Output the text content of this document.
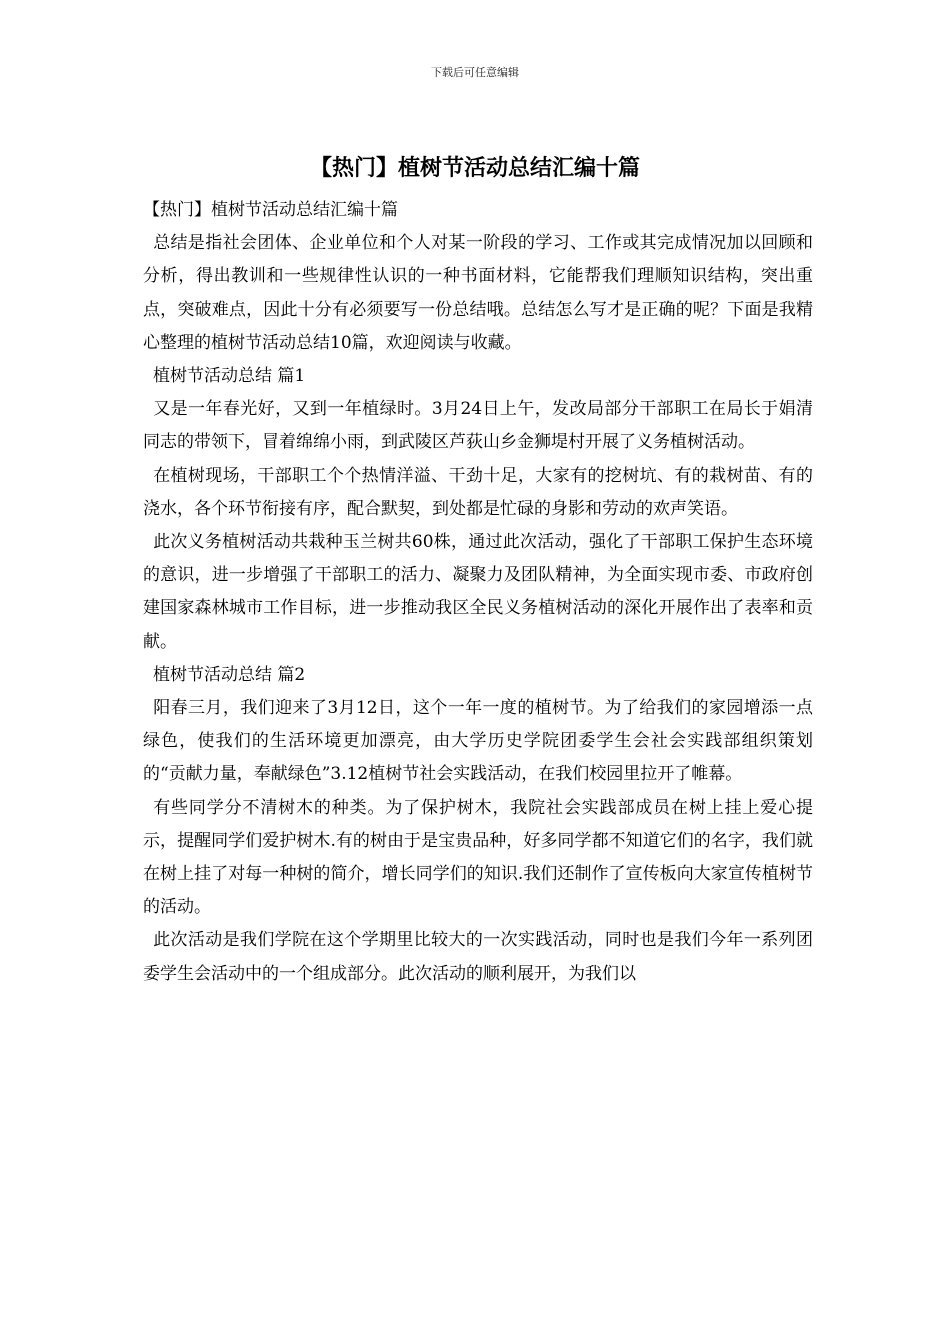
下载后可任意编辑
【热门】植树节活动总结汇编十篇

【热门】植树节活动总结汇编十篇

总结是指社会团体、企业单位和个人对某一阶段的学习、工作或其完成情况加以回顾和分析，得出教训和一些规律性认识的一种书面材料，它能帮我们理顺知识结构，突出重点，突破难点，因此十分有必须要写一份总结哦。总结怎么写才是正确的呢？下面是我精心整理的植树节活动总结10篇，欢迎阅读与收藏。

植树节活动总结 篇1

又是一年春光好，又到一年植绿时。3月24日上午，发改局部分干部职工在局长于娟清同志的带领下，冒着绵绵小雨，到武陵区芦荻山乡金狮堤村开展了义务植树活动。

在植树现场，干部职工个个热情洋溢、干劲十足，大家有的挖树坑、有的栽树苗、有的浇水，各个环节衔接有序，配合默契，到处都是忙碌的身影和劳动的欢声笑语。

此次义务植树活动共栽种玉兰树共60株，通过此次活动，强化了干部职工保护生态环境的意识，进一步增强了干部职工的活力、凝聚力及团队精神，为全面实现市委、市政府创建国家森林城市工作目标，进一步推动我区全民义务植树活动的深化开展作出了表率和贡献。

植树节活动总结 篇2

阳春三月，我们迎来了3月12日，这个一年一度的植树节。为了给我们的家园增添一点绿色，使我们的生活环境更加漂亮，由大学历史学院团委学生会社会实践部组织策划的“贡献力量，奉献绿色”3.12植树节社会实践活动，在我们校园里拉开了帷幕。

有些同学分不清树木的种类。为了保护树木，我院社会实践部成员在树上挂上爱心提示，提醒同学们爱护树木.有的树由于是宝贵品种，好多同学都不知道它们的名字，我们就在树上挂了对每一种树的简介，增长同学们的知识.我们还制作了宣传板向大家宣传植树节的活动。

此次活动是我们学院在这个学期里比较大的一次实践活动，同时也是我们今年一系列团委学生会活动中的一个组成部分。此次活动的顺利展开，为我们以
